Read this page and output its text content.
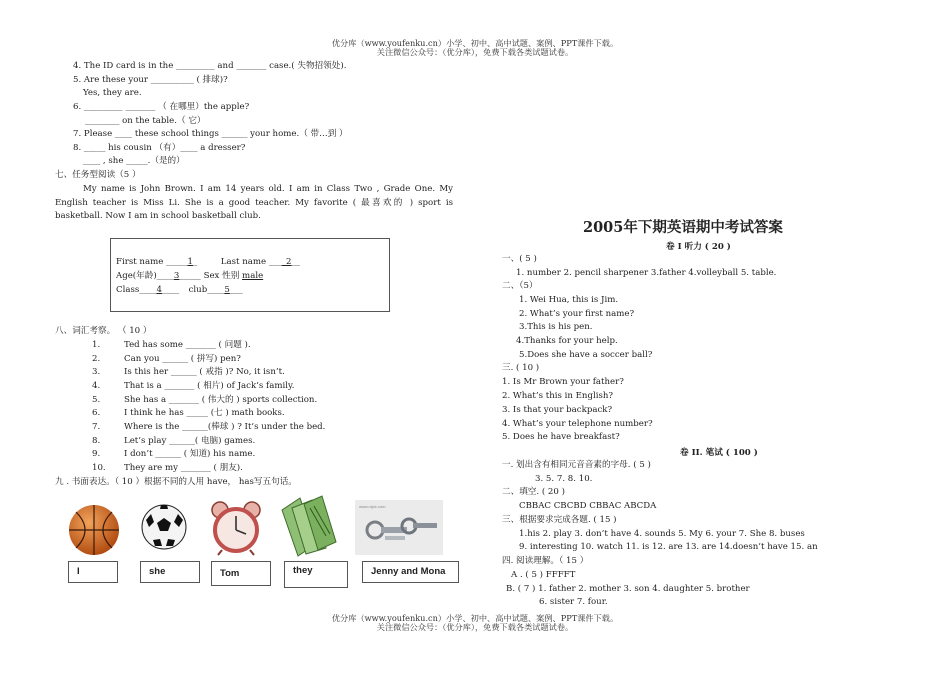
优分库（www.youfenku.cn）小学、初中、高中试题、案例、PPT课件下载。
关注微信公众号：（优分库），免费下载各类试题试卷。
4. The ID card is in the _________ and _______ case.( 失物招领处).
5. Are these your __________ ( 排球)?
Yes, they are.
6. _________ _______ （ 在哪里）the apple?
________ on the table.（ 它）
7. Please ____ these school things ______ your home.（ 带…到 ）
8. _____ his cousin （有）____ a dresser?
____ , she _____.（是的）
七、任务型阅读（5 ）
My name is John Brown. I am 14 years old. I am in Class Two , Grade One. My English teacher is Miss Li. She is a good teacher. My favorite ( 最喜欢的 ) sport is basketball. Now I am in school basketball club.
First name _____1_	Last name ____2__
Age(年龄)____3_____ Sex 性别 male
Class____4____ club____5___
八、词汇考察。 （ 10 ）
1.	Ted has some _______ ( 问题 ).
2.	Can you ______ ( 拼写) pen?
3.	Is this her ______ ( 戒指 )? No, it isn’t.
4.	That is a _______ ( 相片) of Jack’s family.
5.	She has a _______ ( 伟大的 ) sports collection.
6.	I think he has _____ (七 ) math books.
7.	Where is the ______(棒球 ) ? It’s under the bed.
8.	Let’s play ______( 电脑) games.
9.	I don’t ______ ( 知道) his name.
10. They are my _______ ( 朋友).
九 . 书面表达。（ 10 ）根据不同的人用 have， has写五句话。
www.nipic.com
I	she	Tom	they	Jenny and Mona
2005年下期英语期中考试答案
卷 I 听力 ( 20 )
一、( 5 )
1. number 2. pencil sharpener 3.father 4.volleyball 5. table.
二、（5）
1. Wei Hua, this is Jim.
2. What’s your first name?
3.This is his pen.
4.Thanks for your help.
5.Does she have a soccer ball?
三. ( 10 )
1. Is Mr Brown your father?
2. What’s this in English?
3. Is that your backpack?
4. What’s your telephone number?
5. Does he have breakfast?
卷 II. 笔试 ( 100 )
一. 划出含有相同元音音素的字母. ( 5 )
3. 5. 7. 8. 10.
二、填空. ( 20 )
CBBAC CBCBD CBBAC ABCDA
三、根据要求完成各题. ( 15 )
1.his 2. play 3. don’t have 4. sounds 5. My 6. your 7. She 8. buses
9. interesting 10. watch 11. is 12. are 13. are 14.doesn’t have 15. an
四. 阅读理解。（ 15 ）
A . ( 5 ) FFFFT
B. ( 7 ) 1. father 2. mother 3. son 4. daughter 5. brother
6. sister 7. four.
优分库（www.youfenku.cn）小学、初中、高中试题、案例、PPT课件下载。
关注微信公众号：（优分库），免费下载各类试题试卷。
